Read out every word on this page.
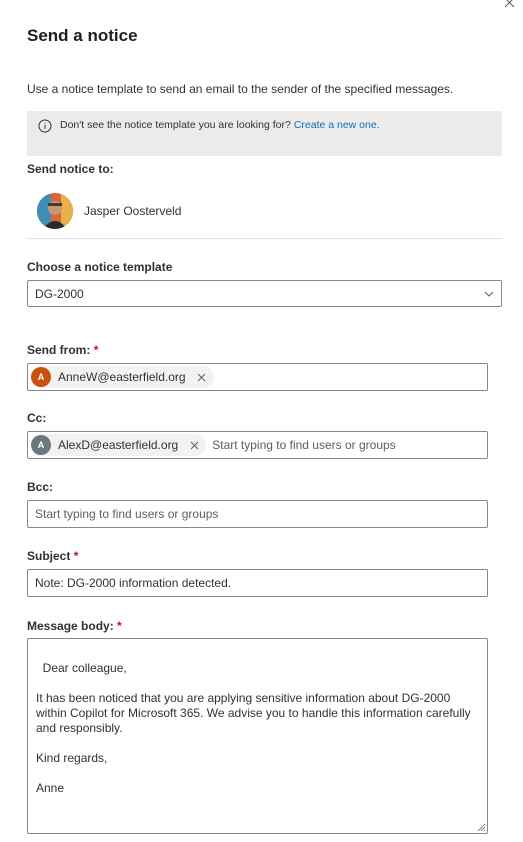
Send a notice
Use a notice template to send an email to the sender of the specified messages.
Don't see the notice template you are looking for? Create a new one.
Send notice to:
Jasper Oosterveld
Choose a notice template
DG-2000
Send from: *
A	AnneW@easterfield.org
Cc:
A	AlexD@easterfield.org
Start typing to find users or groups
Bcc:
Start typing to find users or groups
Subject *
Note: DG-2000 information detected.
Message body: *

Dear colleague,

It has been noticed that you are applying sensitive information about DG-2000 within Copilot for Microsoft 365. We advise you to handle this information carefully and responsibly.

Kind regards,

Anne
